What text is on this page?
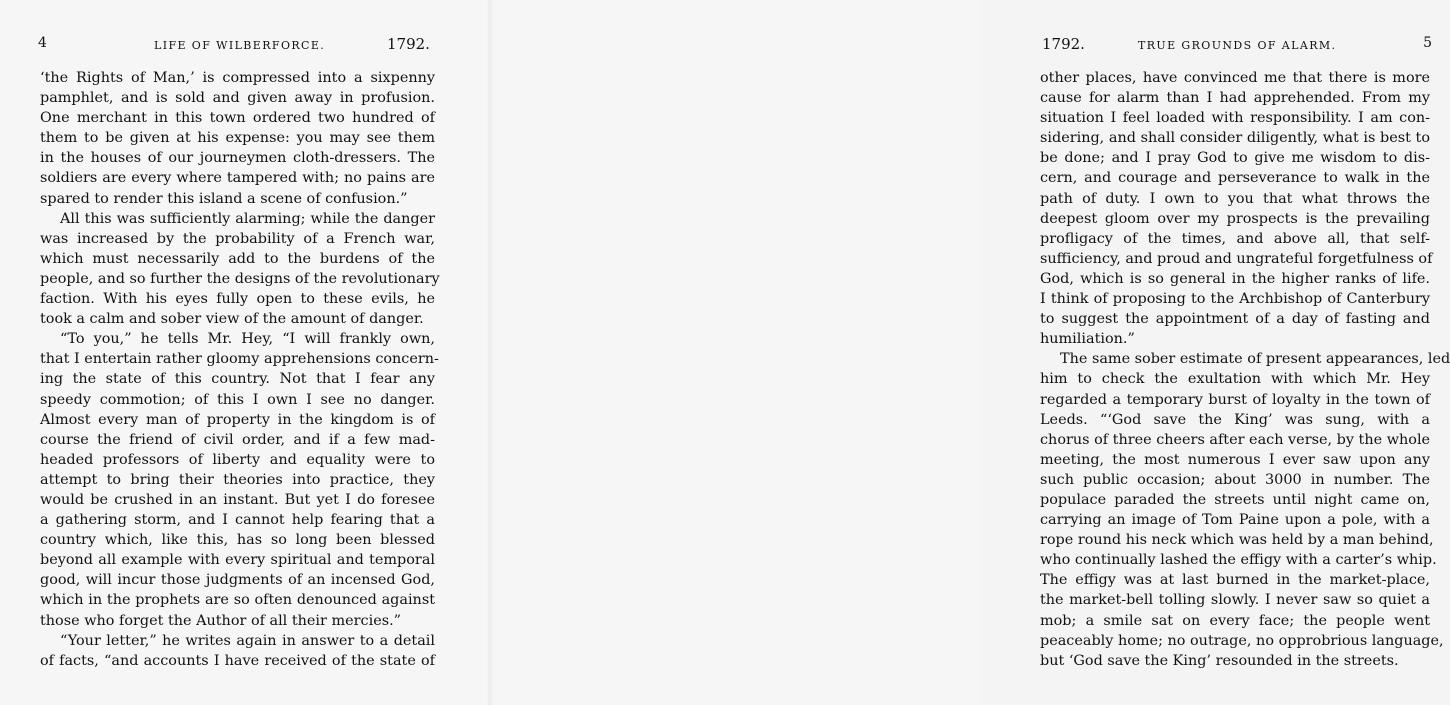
4	LIFE OF WILBERFORCE.	1792.
‘the Rights of Man,’ is compressed into a sixpenny
pamphlet, and is sold and given away in profusion.
One merchant in this town ordered two hundred of
them to be given at his expense: you may see them
in the houses of our journeymen cloth-dressers. The
soldiers are every where tampered with; no pains are
spared to render this island a scene of confusion.”
All this was sufficiently alarming; while the danger
was increased by the probability of a French war,
which must necessarily add to the burdens of the
people, and so further the designs of the revolutionary
faction. With his eyes fully open to these evils, he
took a calm and sober view of the amount of danger.
“To you,” he tells Mr. Hey, “I will frankly own,
that I entertain rather gloomy apprehensions concern-
ing the state of this country. Not that I fear any
speedy commotion; of this I own I see no danger.
Almost every man of property in the kingdom is of
course the friend of civil order, and if a few mad-
headed professors of liberty and equality were to
attempt to bring their theories into practice, they
would be crushed in an instant. But yet I do foresee
a gathering storm, and I cannot help fearing that a
country which, like this, has so long been blessed
beyond all example with every spiritual and temporal
good, will incur those judgments of an incensed God,
which in the prophets are so often denounced against
those who forget the Author of all their mercies.”
“Your letter,” he writes again in answer to a detail
of facts, “and accounts I have received of the state of
1792.	TRUE GROUNDS OF ALARM.	5
other places, have convinced me that there is more
cause for alarm than I had apprehended. From my
situation I feel loaded with responsibility. I am con-
sidering, and shall consider diligently, what is best to
be done; and I pray God to give me wisdom to dis-
cern, and courage and perseverance to walk in the
path of duty. I own to you that what throws the
deepest gloom over my prospects is the prevailing
profligacy of the times, and above all, that self-
sufficiency, and proud and ungrateful forgetfulness of
God, which is so general in the higher ranks of life.
I think of proposing to the Archbishop of Canterbury
to suggest the appointment of a day of fasting and
humiliation.”
The same sober estimate of present appearances, led
him to check the exultation with which Mr. Hey
regarded a temporary burst of loyalty in the town of
Leeds. “‘God save the King’ was sung, with a
chorus of three cheers after each verse, by the whole
meeting, the most numerous I ever saw upon any
such public occasion; about 3000 in number. The
populace paraded the streets until night came on,
carrying an image of Tom Paine upon a pole, with a
rope round his neck which was held by a man behind,
who continually lashed the effigy with a carter’s whip.
The effigy was at last burned in the market-place,
the market-bell tolling slowly. I never saw so quiet a
mob; a smile sat on every face; the people went
peaceably home; no outrage, no opprobrious language,
but ‘God save the King’ resounded in the streets.
